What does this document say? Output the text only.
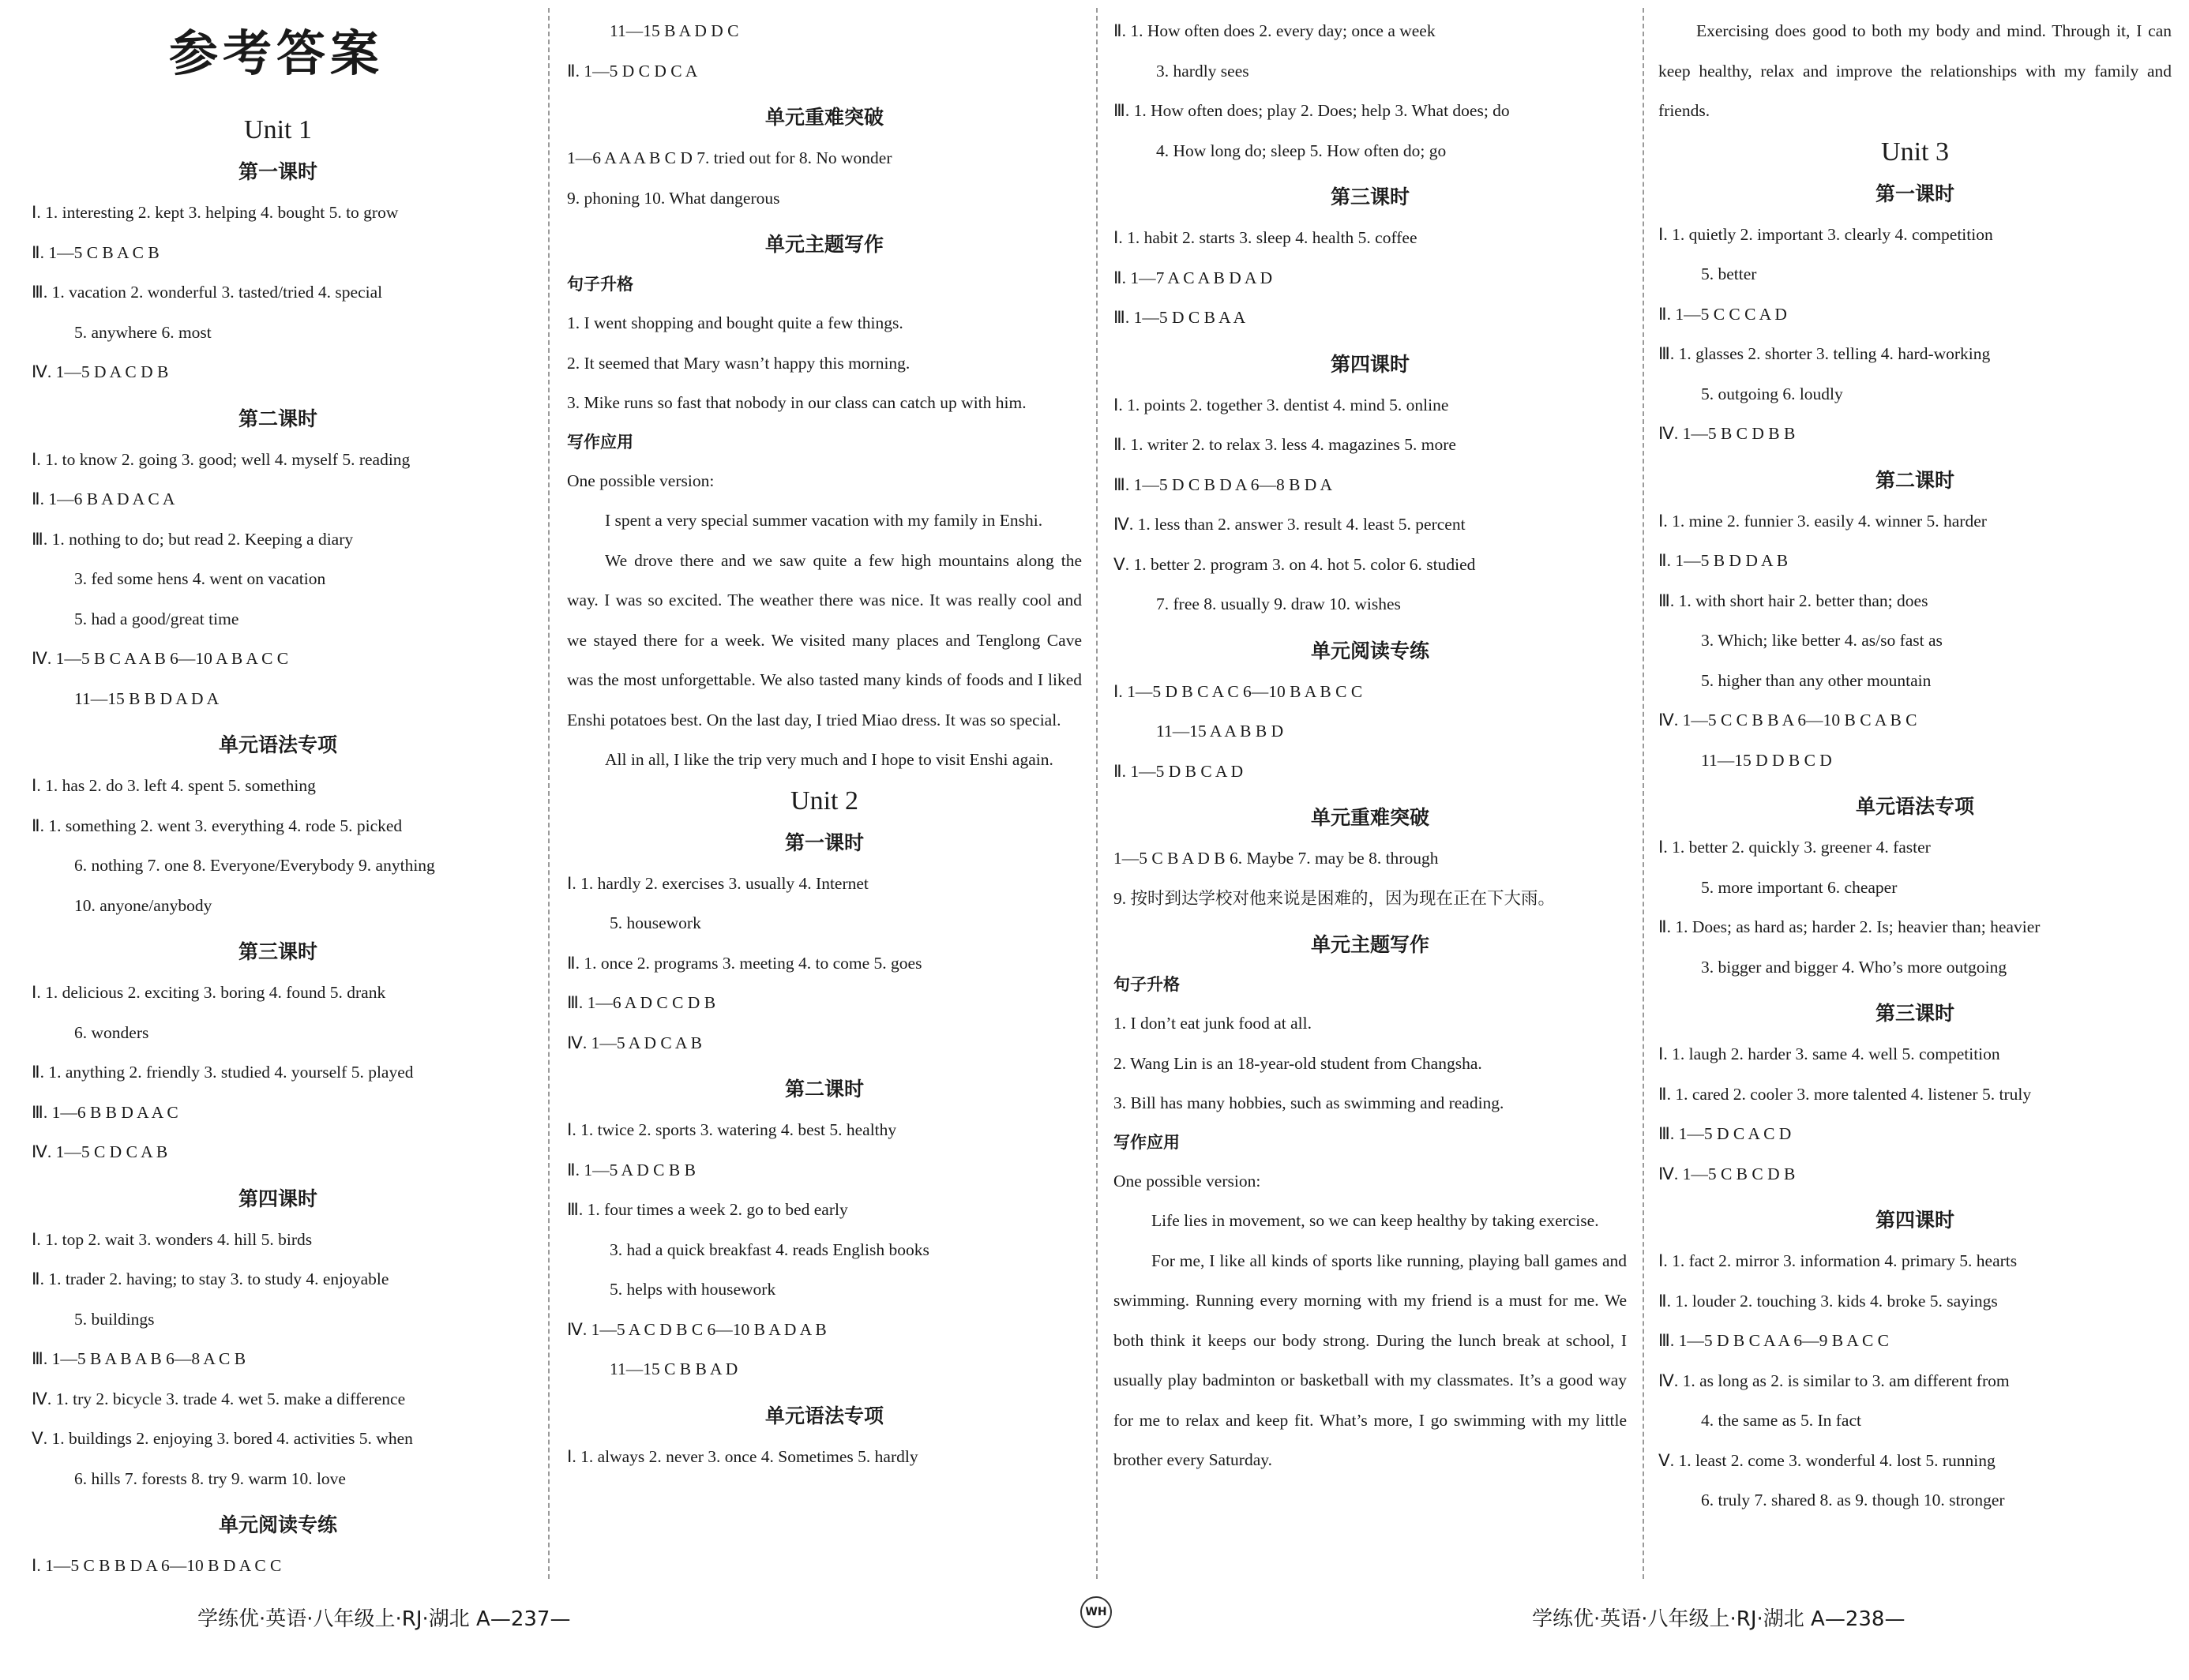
参考答案
Unit 1
第一课时

Ⅰ. 1. interesting 2. kept 3. helping 4. bought 5. to grow

Ⅱ. 1—5 C B A C B

Ⅲ. 1. vacation 2. wonderful 3. tasted/tried 4. special

5. anywhere 6. most

Ⅳ. 1—5 D A C D B

第二课时

Ⅰ. 1. to know 2. going 3. good; well 4. myself 5. reading

Ⅱ. 1—6 B A D A C A

Ⅲ. 1. nothing to do; but read 2. Keeping a diary

3. fed some hens 4. went on vacation

5. had a good/great time

Ⅳ. 1—5 B C A A B 6—10 A B A C C

11—15 B B D A D A

单元语法专项

Ⅰ. 1. has 2. do 3. left 4. spent 5. something

Ⅱ. 1. something 2. went 3. everything 4. rode 5. picked

6. nothing 7. one 8. Everyone/Everybody 9. anything

10. anyone/anybody

第三课时

Ⅰ. 1. delicious 2. exciting 3. boring 4. found 5. drank

6. wonders

Ⅱ. 1. anything 2. friendly 3. studied 4. yourself 5. played

Ⅲ. 1—6 B B D A A C

Ⅳ. 1—5 C D C A B

第四课时

Ⅰ. 1. top 2. wait 3. wonders 4. hill 5. birds

Ⅱ. 1. trader 2. having; to stay 3. to study 4. enjoyable

5. buildings

Ⅲ. 1—5 B A B A B 6—8 A C B

Ⅳ. 1. try 2. bicycle 3. trade 4. wet 5. make a difference

Ⅴ. 1. buildings 2. enjoying 3. bored 4. activities 5. when

6. hills 7. forests 8. try 9. warm 10. love

单元阅读专练

Ⅰ. 1—5 C B B D A 6—10 B D A C C

11—15 B A D D C

Ⅱ. 1—5 D C D C A

单元重难突破

1—6 A A A B C D 7. tried out for 8. No wonder

9. phoning 10. What dangerous

单元主题写作

句子升格

1. I went shopping and bought quite a few things.

2. It seemed that Mary wasn’t happy this morning.

3. Mike runs so fast that nobody in our class can catch up with him.

写作应用

One possible version:

I spent a very special summer vacation with my family in Enshi.

We drove there and we saw quite a few high mountains along the way. I was so excited. The weather there was nice. It was really cool and we stayed there for a week. We visited many places and Tenglong Cave was the most unforgettable. We also tasted many kinds of foods and I liked Enshi potatoes best. On the last day, I tried Miao dress. It was so special.

All in all, I like the trip very much and I hope to visit Enshi again.

Unit 2
第一课时

Ⅰ. 1. hardly 2. exercises 3. usually 4. Internet

5. housework

Ⅱ. 1. once 2. programs 3. meeting 4. to come 5. goes

Ⅲ. 1—6 A D C C D B

Ⅳ. 1—5 A D C A B

第二课时

Ⅰ. 1. twice 2. sports 3. watering 4. best 5. healthy

Ⅱ. 1—5 A D C B B

Ⅲ. 1. four times a week 2. go to bed early

3. had a quick breakfast 4. reads English books

5. helps with housework

Ⅳ. 1—5 A C D B C 6—10 B A D A B

11—15 C B B A D

单元语法专项

Ⅰ. 1. always 2. never 3. once 4. Sometimes 5. hardly

Ⅱ. 1. How often does 2. every day; once a week

3. hardly sees

Ⅲ. 1. How often does; play 2. Does; help 3. What does; do

4. How long do; sleep 5. How often do; go

第三课时

Ⅰ. 1. habit 2. starts 3. sleep 4. health 5. coffee

Ⅱ. 1—7 A C A B D A D

Ⅲ. 1—5 D C B A A

第四课时

Ⅰ. 1. points 2. together 3. dentist 4. mind 5. online

Ⅱ. 1. writer 2. to relax 3. less 4. magazines 5. more

Ⅲ. 1—5 D C B D A 6—8 B D A

Ⅳ. 1. less than 2. answer 3. result 4. least 5. percent

Ⅴ. 1. better 2. program 3. on 4. hot 5. color 6. studied

7. free 8. usually 9. draw 10. wishes

单元阅读专练

Ⅰ. 1—5 D B C A C 6—10 B A B C C

11—15 A A B B D

Ⅱ. 1—5 D B C A D

单元重难突破

1—5 C B A D B 6. Maybe 7. may be 8. through

9. 按时到达学校对他来说是困难的，因为现在正在下大雨。

单元主题写作

句子升格

1. I don’t eat junk food at all.

2. Wang Lin is an 18-year-old student from Changsha.

3. Bill has many hobbies, such as swimming and reading.

写作应用

One possible version:

Life lies in movement, so we can keep healthy by taking exercise.

For me, I like all kinds of sports like running, playing ball games and swimming. Running every morning with my friend is a must for me. We both think it keeps our body strong. During the lunch break at school, I usually play badminton or basketball with my classmates. It’s a good way for me to relax and keep fit. What’s more, I go swimming with my little brother every Saturday.

Exercising does good to both my body and mind. Through it, I can keep healthy, relax and improve the relationships with my family and friends.

Unit 3
第一课时

Ⅰ. 1. quietly 2. important 3. clearly 4. competition

5. better

Ⅱ. 1—5 C C C A D

Ⅲ. 1. glasses 2. shorter 3. telling 4. hard-working

5. outgoing 6. loudly

Ⅳ. 1—5 B C D B B

第二课时

Ⅰ. 1. mine 2. funnier 3. easily 4. winner 5. harder

Ⅱ. 1—5 B D D A B

Ⅲ. 1. with short hair 2. better than; does

3. Which; like better 4. as/so fast as

5. higher than any other mountain

Ⅳ. 1—5 C C B B A 6—10 B C A B C

11—15 D D B C D

单元语法专项

Ⅰ. 1. better 2. quickly 3. greener 4. faster

5. more important 6. cheaper

Ⅱ. 1. Does; as hard as; harder 2. Is; heavier than; heavier

3. bigger and bigger 4. Who’s more outgoing

第三课时

Ⅰ. 1. laugh 2. harder 3. same 4. well 5. competition

Ⅱ. 1. cared 2. cooler 3. more talented 4. listener 5. truly

Ⅲ. 1—5 D C A C D

Ⅳ. 1—5 C B C D B

第四课时

Ⅰ. 1. fact 2. mirror 3. information 4. primary 5. hearts

Ⅱ. 1. louder 2. touching 3. kids 4. broke 5. sayings

Ⅲ. 1—5 D B C A A 6—9 B A C C

Ⅳ. 1. as long as 2. is similar to 3. am different from

4. the same as 5. In fact

Ⅴ. 1. least 2. come 3. wonderful 4. lost 5. running

6. truly 7. shared 8. as 9. though 10. stronger

学练优·英语·八年级上·RJ·湖北 A—237—	WH	学练优·英语·八年级上·RJ·湖北 A—238—
